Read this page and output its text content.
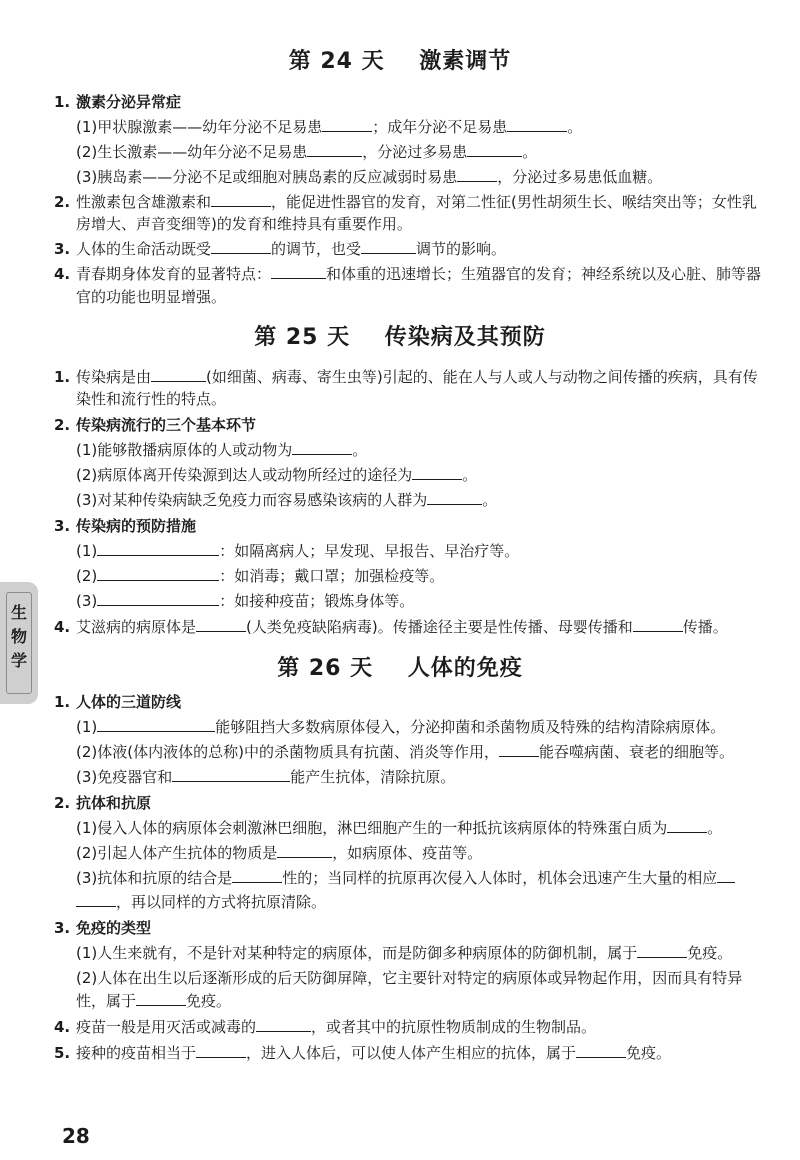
第 24 天    激素调节
1. 激素分泌异常症
(1)甲状腺激素——幼年分泌不足易患	；成年分泌不足易患	。
(2)生长激素——幼年分泌不足易患	，分泌过多易患	。
(3)胰岛素——分泌不足或细胞对胰岛素的反应减弱时易患	，分泌过多易患低血糖。
2. 性激素包含雄激素和	，能促进性器官的发育，对第二性征(男性胡须生长、喉结突出等；女性乳
房增大、声音变细等)的发育和维持具有重要作用。
3. 人体的生命活动既受	的调节，也受	调节的影响。
4. 青春期身体发育的显著特点：	和体重的迅速增长；生殖器官的发育；神经系统以及心脏、肺等器
官的功能也明显增强。
第 25 天    传染病及其预防
1. 传染病是由	(如细菌、病毒、寄生虫等)引起的、能在人与人或人与动物之间传播的疾病，具有传
染性和流行性的特点。
2. 传染病流行的三个基本环节
(1)能够散播病原体的人或动物为	。
(2)病原体离开传染源到达人或动物所经过的途径为	。
(3)对某种传染病缺乏免疫力而容易感染该病的人群为	。
3. 传染病的预防措施
(1)	：如隔离病人；早发现、早报告、早治疗等。
(2)	：如消毒；戴口罩；加强检疫等。
(3)	：如接种疫苗；锻炼身体等。
4. 艾滋病的病原体是	(人类免疫缺陷病毒)。传播途径主要是性传播、母婴传播和	传播。
第 26 天    人体的免疫
1. 人体的三道防线
(1)	能够阻挡大多数病原体侵入，分泌抑菌和杀菌物质及特殊的结构清除病原体。
(2)体液(体内液体的总称)中的杀菌物质具有抗菌、消炎等作用，	能吞噬病菌、衰老的细胞等。
(3)免疫器官和	能产生抗体，清除抗原。
2. 抗体和抗原
(1)侵入人体的病原体会刺激淋巴细胞，淋巴细胞产生的一种抵抗该病原体的特殊蛋白质为	。
(2)引起人体产生抗体的物质是	，如病原体、疫苗等。
(3)抗体和抗原的结合是	性的；当同样的抗原再次侵入人体时，机体会迅速产生大量的相应
，再以同样的方式将抗原清除。
3. 免疫的类型
(1)人生来就有，不是针对某种特定的病原体，而是防御多种病原体的防御机制，属于	免疫。
(2)人体在出生以后逐渐形成的后天防御屏障，它主要针对特定的病原体或异物起作用，因而具有特异
性，属于	免疫。
4. 疫苗一般是用灭活或减毒的	，或者其中的抗原性物质制成的生物制品。
5. 接种的疫苗相当于	，进入人体后，可以使人体产生相应的抗体，属于	免疫。
生物学
28
